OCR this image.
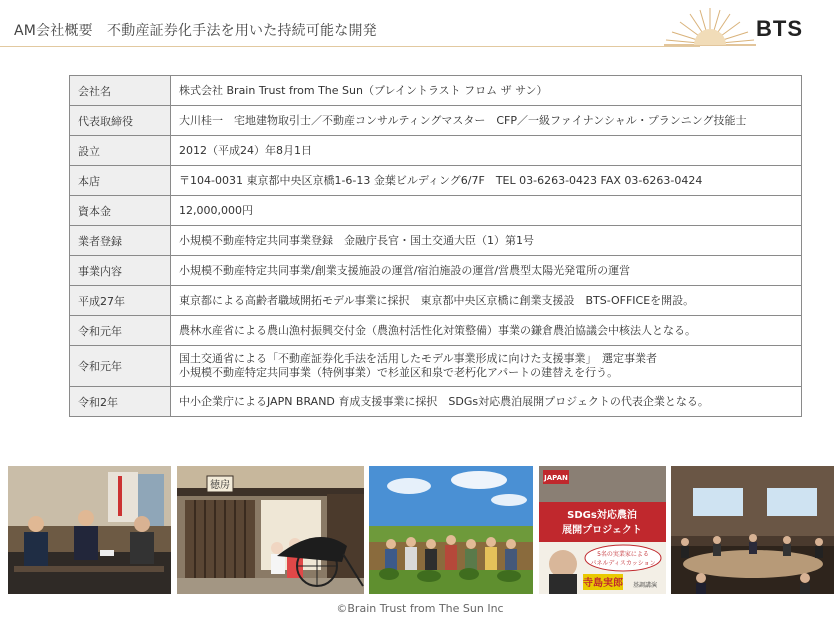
AM会社概要　不動産証券化手法を用いた持続可能な開発	BTS
会社名	株式会社 Brain Trust from The Sun（ブレイントラスト フロム ザ サン）

代表取締役	大川桂一　宅地建物取引士／不動産コンサルティングマスター　CFP／一級ファイナンシャル・プランニング技能士

設立	2012（平成24）年8月1日

本店	〒104-0031 東京都中央区京橋1-6-13 金葉ビルディング6/7F　TEL 03-6263-0423 FAX 03-6263-0424

資本金	12,000,000円

業者登録	小規模不動産特定共同事業登録　金融庁長官・国土交通大臣（1）第1号

事業内容	小規模不動産特定共同事業/創業支援施設の運営/宿泊施設の運営/営農型太陽光発電所の運営

平成27年	東京都による高齢者職域開拓モデル事業に採択　東京都中央区京橋に創業支援設　BTS-OFFICEを開設。

令和元年	農林水産省による農山漁村振興交付金（農漁村活性化対策整備）事業の鎌倉農泊協議会中核法人となる。

令和元年	国土交通省による「不動産証券化手法を活用したモデル事業形成に向けた支援事業」　選定事業者
小規模不動産特定共同事業（特例事業）で杉並区和泉で老朽化アパートの建替えを行う。

令和2年	中小企業庁によるJAPN BRAND 育成支援事業に採択　SDGs対応農泊展開プロジェクトの代表企業となる。
徳房
JAPAN
SDGs対応農泊
展開プロジェクト
5名の実業家による
パネルディスカッション
寺島実郎 基調講演
©Brain Trust from The Sun Inc
